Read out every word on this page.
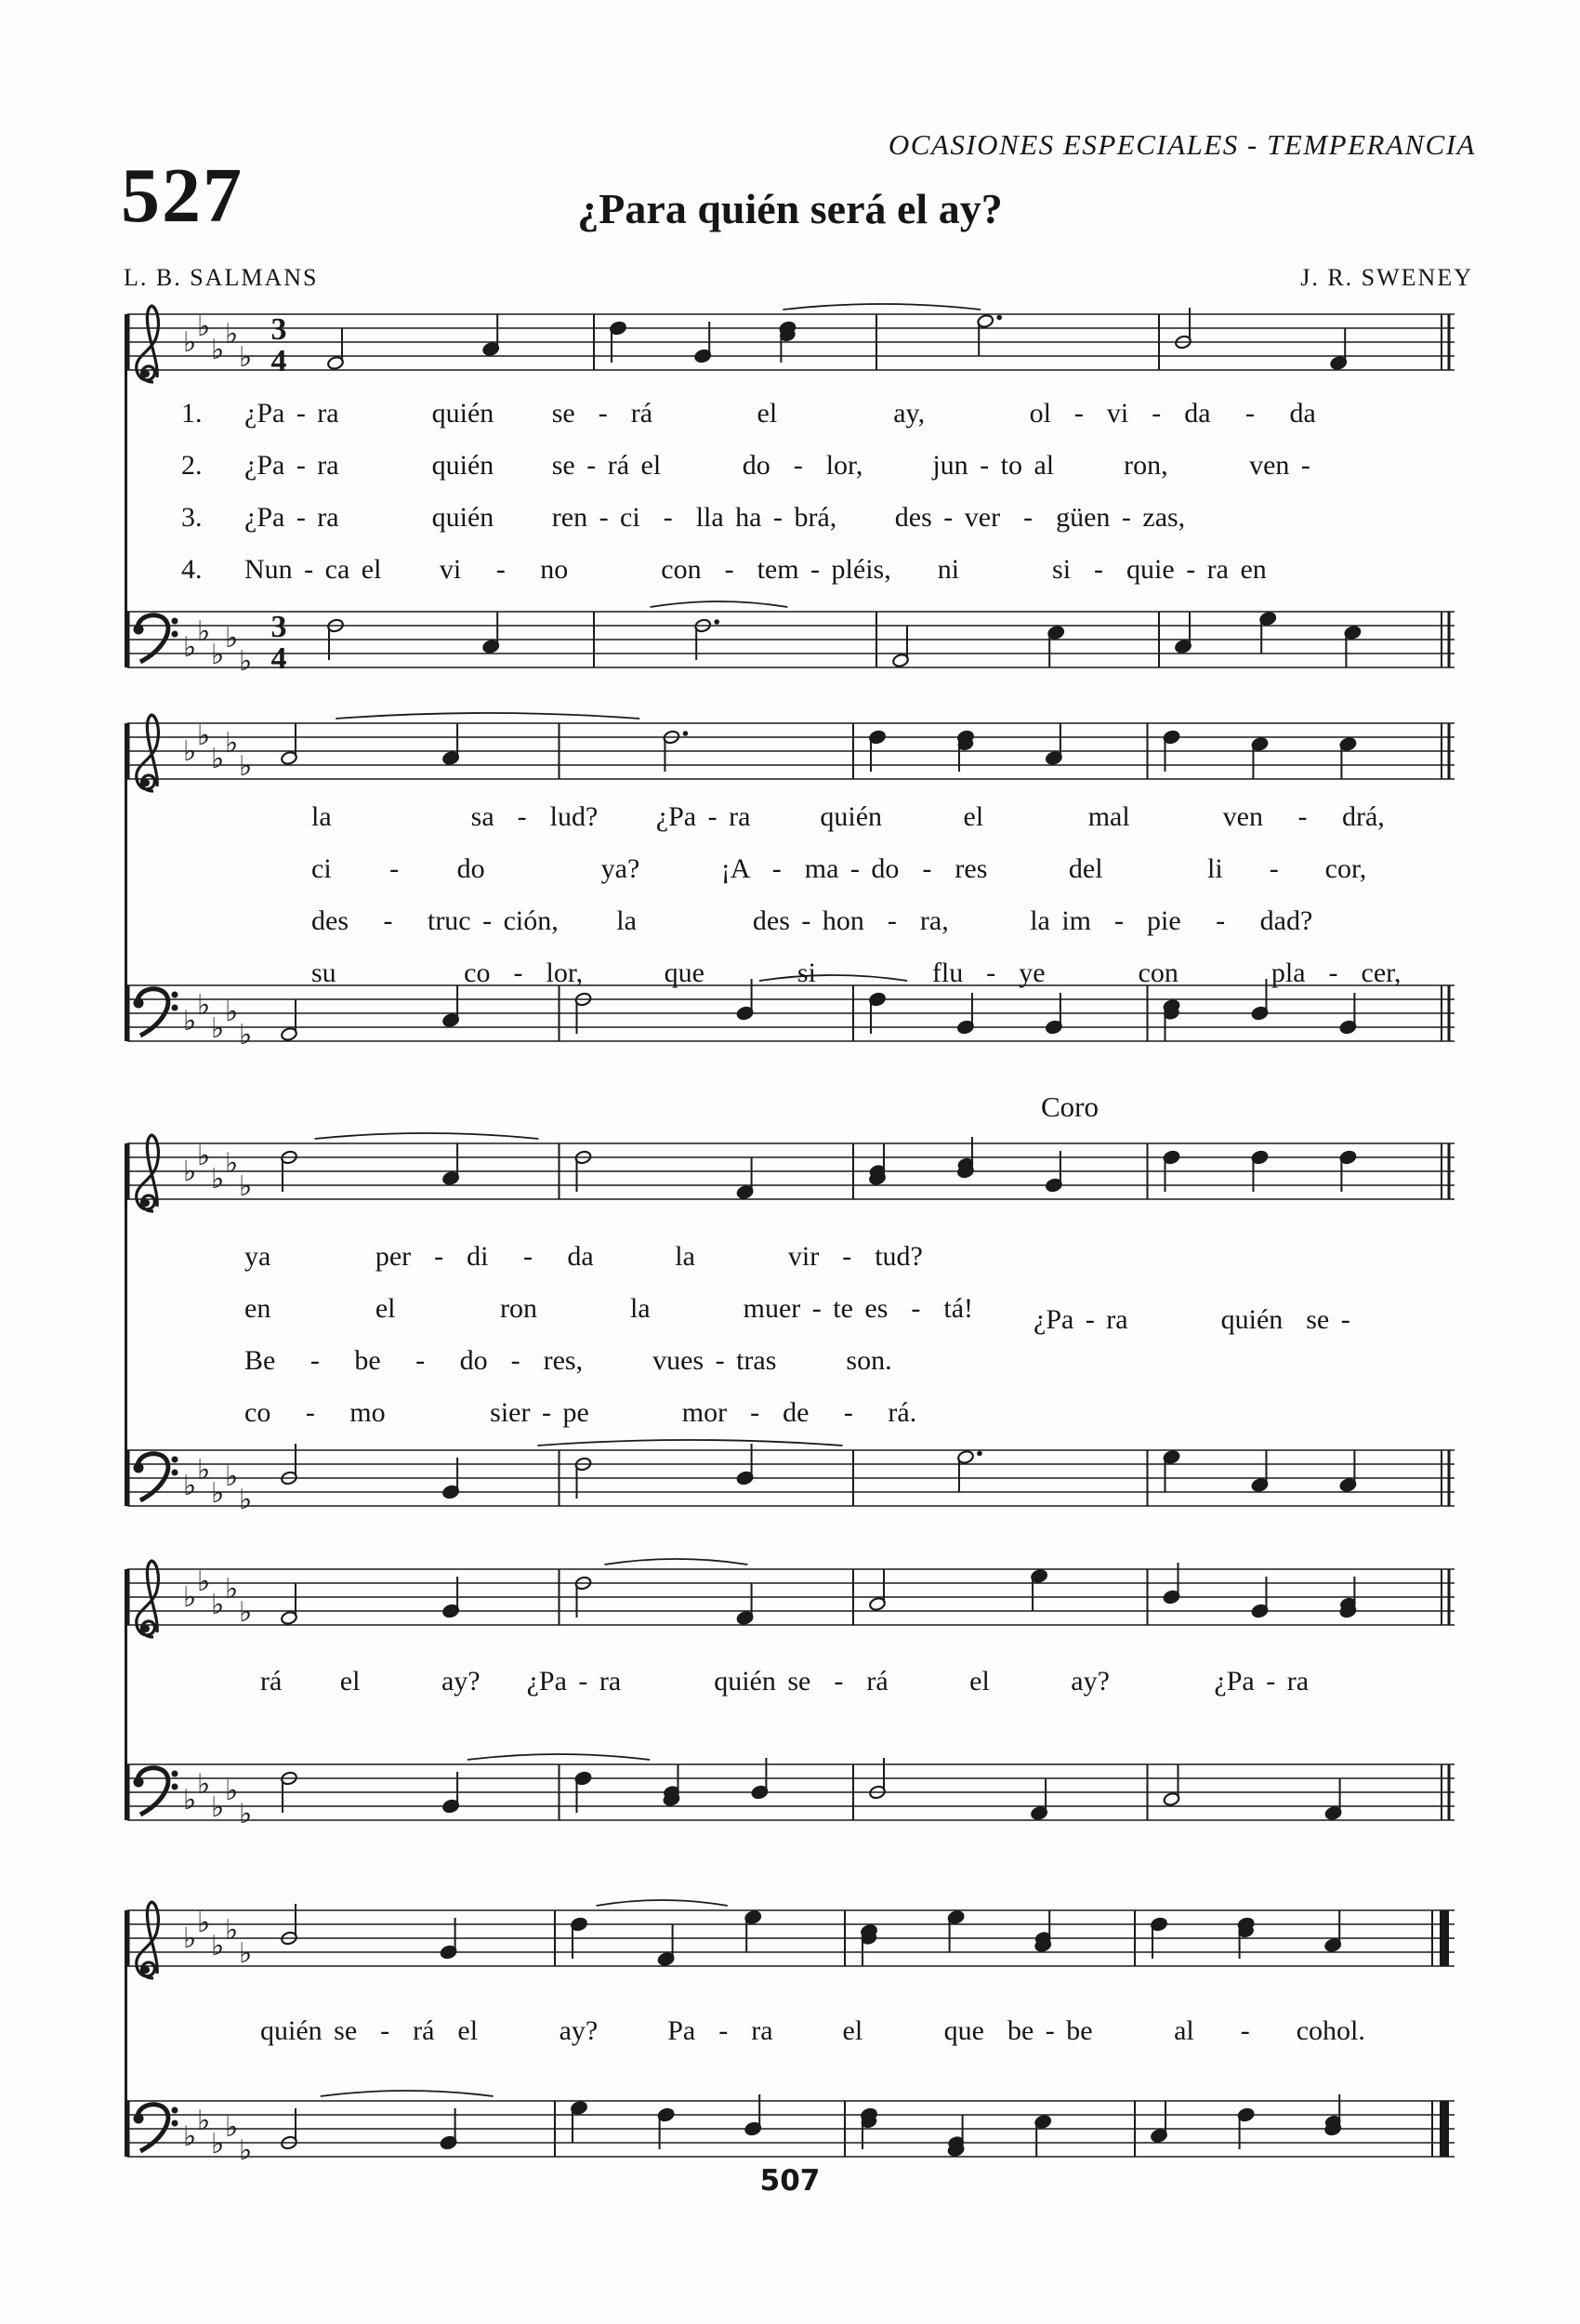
OCASIONES ESPECIALES - TEMPERANCIA
527	¿Para quién será el ay?
L. B. SALMANS	J. R. SWENEY
♭ ♭
♭ ♭
♭
3
4
♭ ♭
♭
♭
♭
3
4
♭ ♭
♭ ♭
♭
♭ ♭
♭
♭
♭
♭ ♭
♭ ♭
♭
♭ ♭
♭
♭
♭
♭ ♭
♭ ♭
♭
♭ ♭
♭
♭
♭
♭ ♭
♭ ♭
♭
♭ ♭
♭
♭
♭
1.	¿Pa - ra        quién     se  -  rá         el          ay,         ol  -  vi  -  da   -   da
2.	¿Pa - ra        quién     se - rá el       do  -  lor,      jun - to al      ron,       ven -
3.	¿Pa - ra        quién     ren - ci  -  lla ha - brá,     des - ver  -  güen - zas,
4.	Nun - ca el     vi   -   no        con  -  tem - pléis,    ni        si  -  quie - ra en
la            sa  -  lud?     ¿Pa - ra      quién       el         mal        ven   -   drá,
ci     -     do          ya?       ¡A  -  ma - do  -  res       del         li    -    cor,
des   -   truc - ción,     la          des - hon  -  ra,       la im  -  pie   -   dad?
su           co  -  lor,       que        si          flu  -  ye        con        pla  -  cer,
Coro
ya         per  -  di   -   da       la        vir  -  tud?
en         el         ron        la        muer - te es  -  tá!
Be   -   be   -   do  -  res,      vues - tras      son.
co   -   mo         sier - pe        mor  -  de   -   rá.
¿Pa - ra        quién  se -
rá     el       ay?    ¿Pa - ra        quién se  -  rá       el       ay?         ¿Pa - ra
quién se  -  rá  el       ay?      Pa  -  ra      el       que  be - be       al    -    cohol.
507
